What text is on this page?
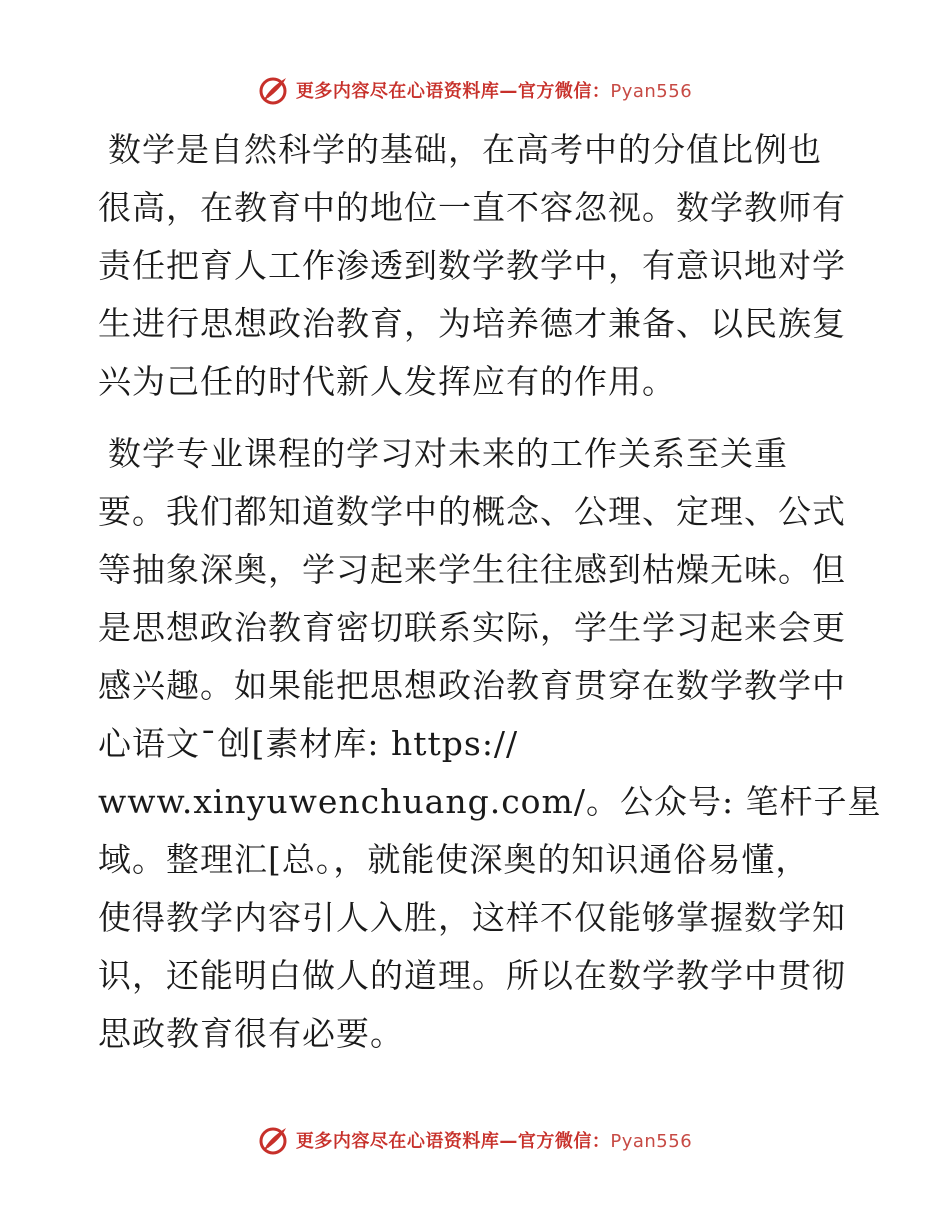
更多内容尽在心语资料库—官方微信：Pyan556
数学是自然科学的基础，在高考中的分值比例也
很高，在教育中的地位一直不容忽视。数学教师有
责任把育人工作渗透到数学教学中，有意识地对学
生进行思想政治教育，为培养德才兼备、以民族复
兴为己任的时代新人发挥应有的作用。
数学专业课程的学习对未来的工作关系至关重
要。我们都知道数学中的概念、公理、定理、公式
等抽象深奥，学习起来学生往往感到枯燥无味。但
是思想政治教育密切联系实际，学生学习起来会更
感兴趣。如果能把思想政治教育贯穿在数学教学中
心语文¯创[素材库: https://
www.xinyuwenchuang.com/。公众号: 笔杆子星
域。整理汇[总。，就能使深奥的知识通俗易懂，
使得教学内容引人入胜，这样不仅能够掌握数学知
识，还能明白做人的道理。所以在数学教学中贯彻
思政教育很有必要。
更多内容尽在心语资料库—官方微信：Pyan556
